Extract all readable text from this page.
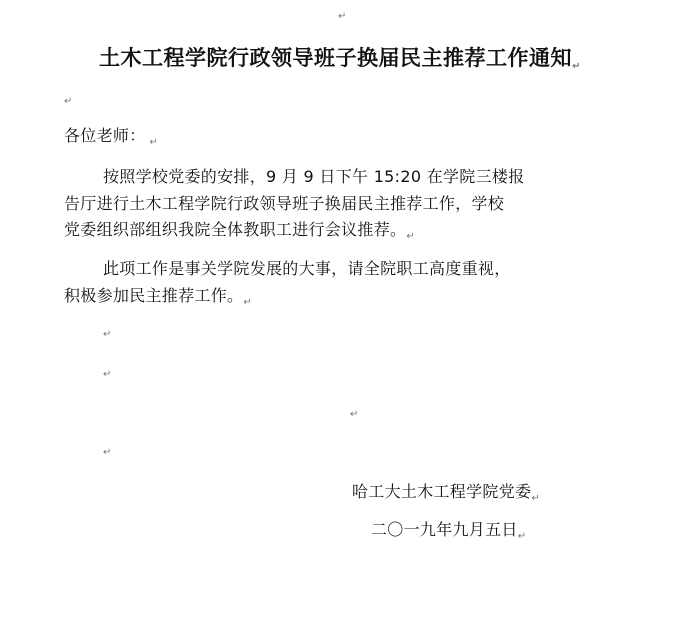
↵
土木工程学院行政领导班子换届民主推荐工作通知↵
↵
各位老师： $_↵$
按照学校党委的安排，9 月 9 日下午 15:20 在学院三楼报
告厅进行土木工程学院行政领导班子换届民主推荐工作，学校
党委组织部组织我院全体教职工进行会议推荐。$_↵$
此项工作是事关学院发展的大事，请全院职工高度重视，
积极参加民主推荐工作。$_↵$
↵
↵
↵
↵
哈工大土木工程学院党委$_↵$
二〇一九年九月五日$_↵$
